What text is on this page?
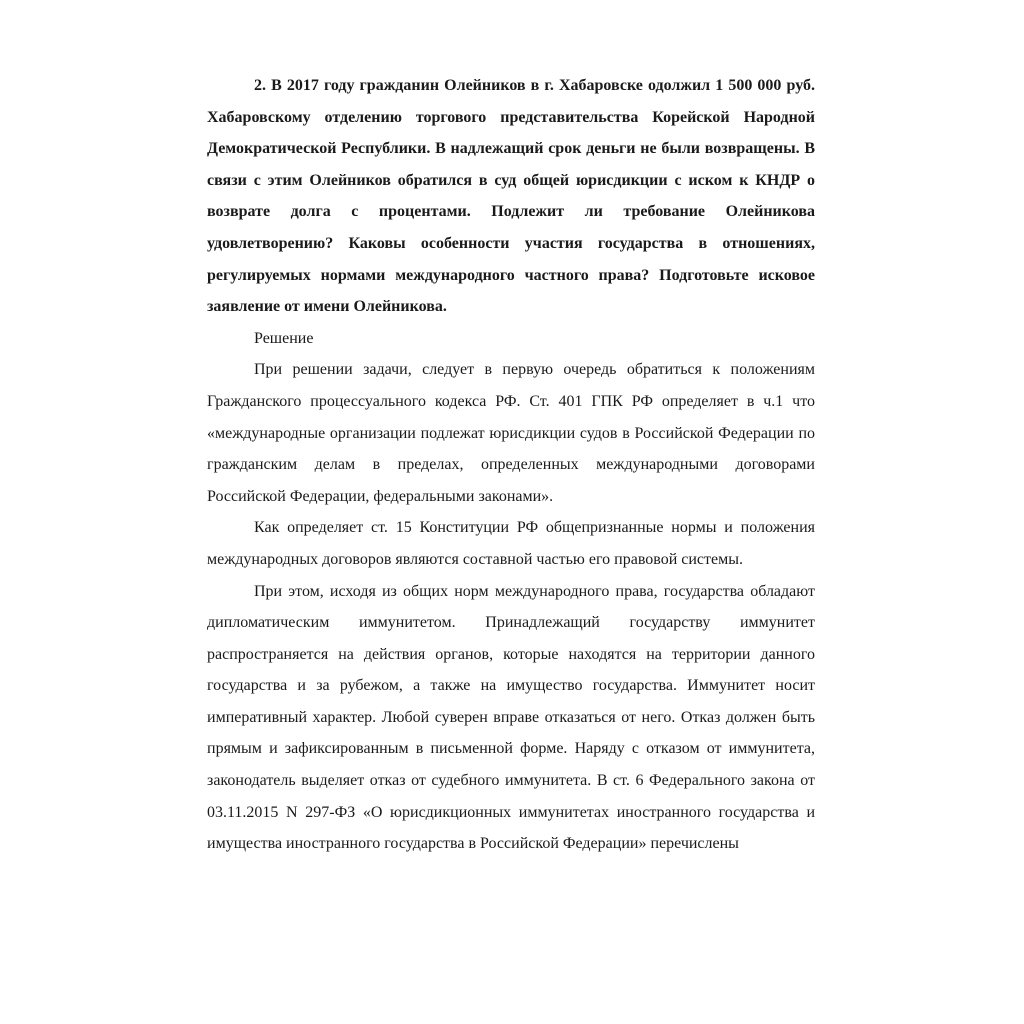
2. В 2017 году гражданин Олейников в г. Хабаровске одолжил 1 500 000 руб. Хабаровскому отделению торгового представительства Корейской Народной Демократической Республики. В надлежащий срок деньги не были возвращены. В связи с этим Олейников обратился в суд общей юрисдикции с иском к КНДР о возврате долга с процентами. Подлежит ли требование Олейникова удовлетворению? Каковы особенности участия государства в отношениях, регулируемых нормами международного частного права? Подготовьте исковое заявление от имени Олейникова.

Решение

При решении задачи, следует в первую очередь обратиться к положениям Гражданского процессуального кодекса РФ. Ст. 401 ГПК РФ определяет в ч.1 что «международные организации подлежат юрисдикции судов в Российской Федерации по гражданским делам в пределах, определенных международными договорами Российской Федерации, федеральными законами».

Как определяет ст. 15 Конституции РФ общепризнанные нормы и положения международных договоров являются составной частью его правовой системы.

При этом, исходя из общих норм международного права, государства обладают дипломатическим иммунитетом. Принадлежащий государству иммунитет распространяется на действия органов, которые находятся на территории данного государства и за рубежом, а также на имущество государства. Иммунитет носит императивный характер. Любой суверен вправе отказаться от него. Отказ должен быть прямым и зафиксированным в письменной форме. Наряду с отказом от иммунитета, законодатель выделяет отказ от судебного иммунитета. В ст. 6 Федерального закона от 03.11.2015 N 297-ФЗ «О юрисдикционных иммунитетах иностранного государства и имущества иностранного государства в Российской Федерации» перечислены
